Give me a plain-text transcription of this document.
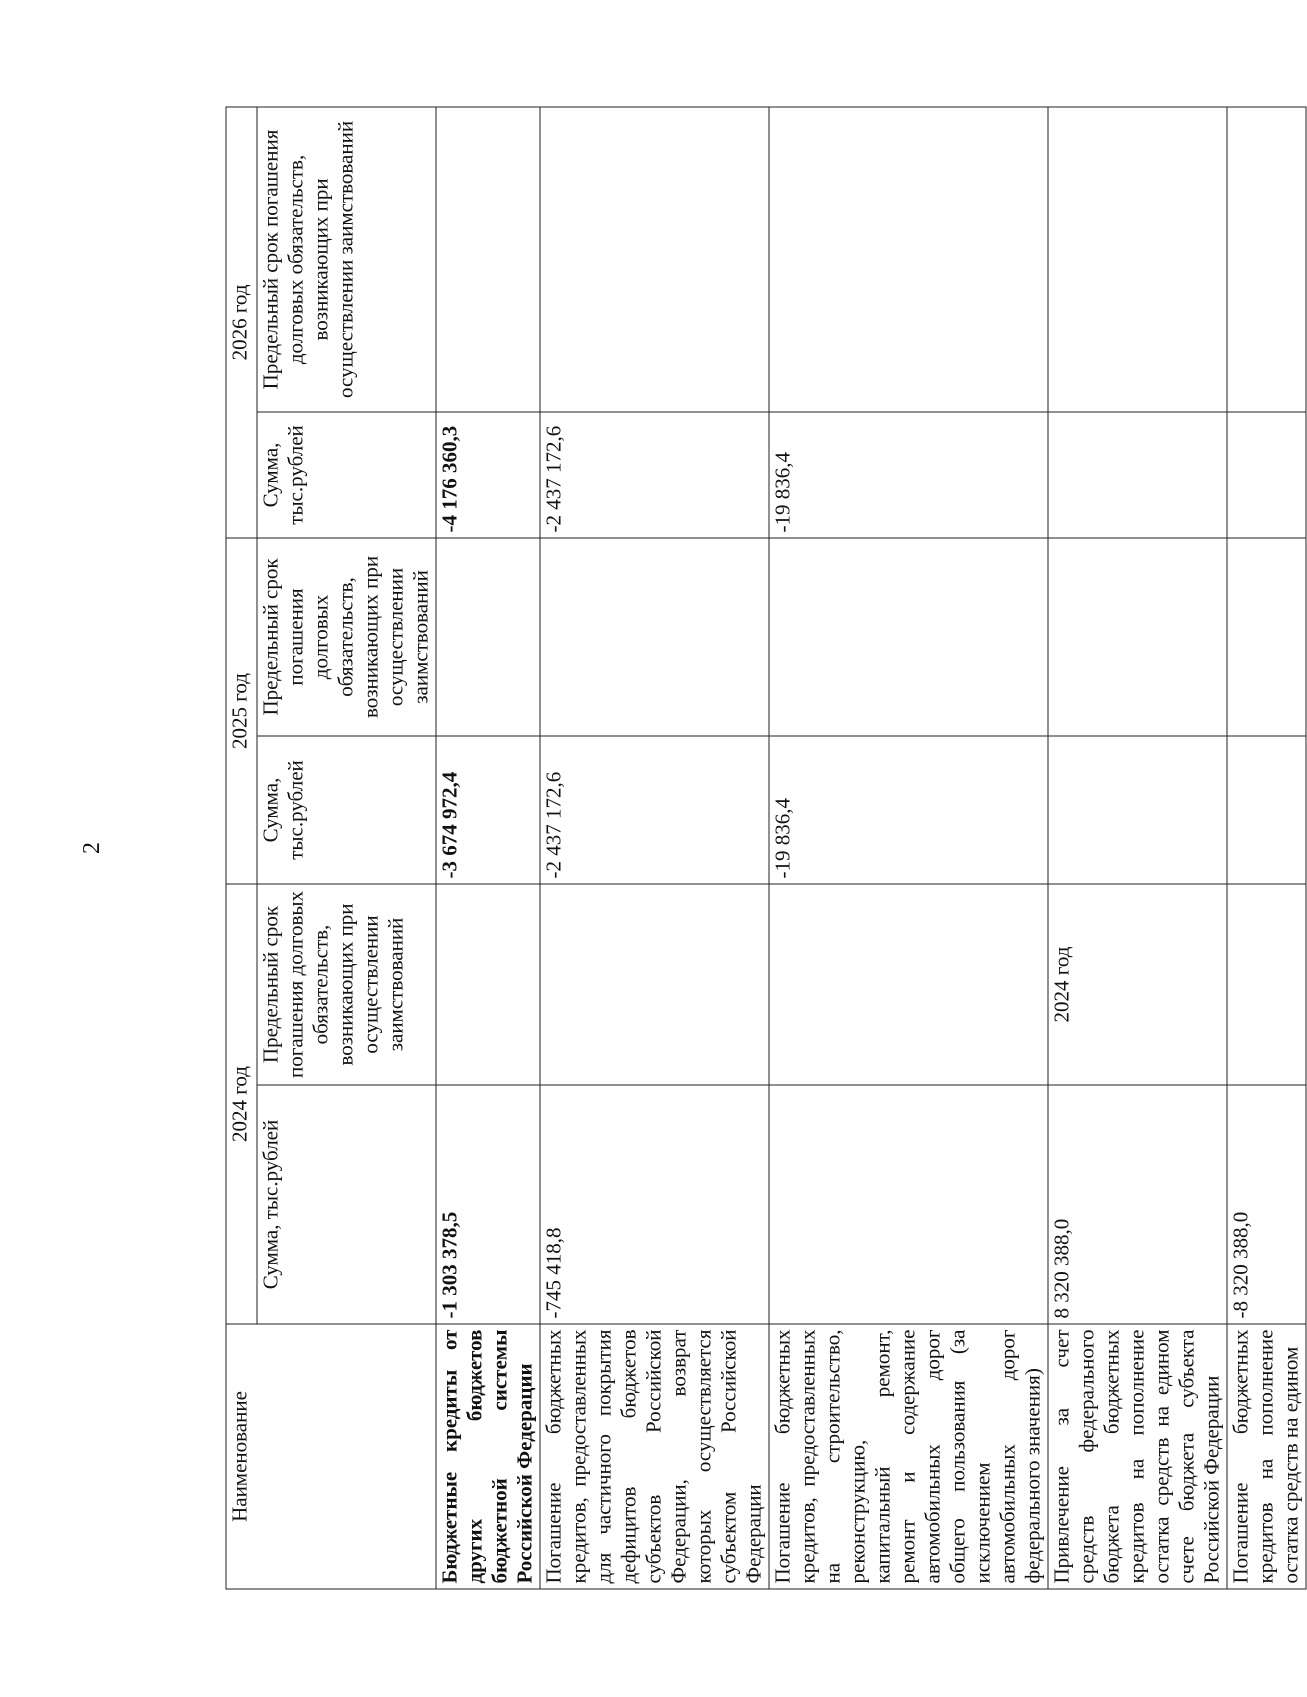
2
Наименование	2024 год		2025 год		2026 год	
	Сумма, тыс.рублей	Предельный срок погашения долговых обязательств, возникающих при осуществлении заимствований	Сумма, тыс.рублей	Предельный срок погашения долговых обязательств, возникающих при осуществлении заимствований	Сумма, тыс.рублей	Предельный срок погашения долговых обязательств, возникающих при осуществлении заимствований
Бюджетные кредиты от других бюджетов бюджетной системы Российской Федерации	-1 303 378,5		-3 674 972,4		-4 176 360,3	
Погашение бюджетных кредитов, предоставленных для частичного покрытия дефицитов бюджетов субъектов Российской Федерации, возврат которых осуществляется субъектом Российской Федерации	-745 418,8		-2 437 172,6		-2 437 172,6	
Погашение бюджетных кредитов, предоставленных на строительство, реконструкцию, капитальный ремонт, ремонт и содержание автомобильных дорог общего пользования (за исключением автомобильных дорог федерального значения)			-19 836,4		-19 836,4	
Привлечение за счет средств федерального бюджета бюджетных кредитов на пополнение остатка средств на едином счете бюджета субъекта Российской Федерации	8 320 388,0	2024 год				
Погашение бюджетных кредитов на пополнение остатка средств на едином	-8 320 388,0					
